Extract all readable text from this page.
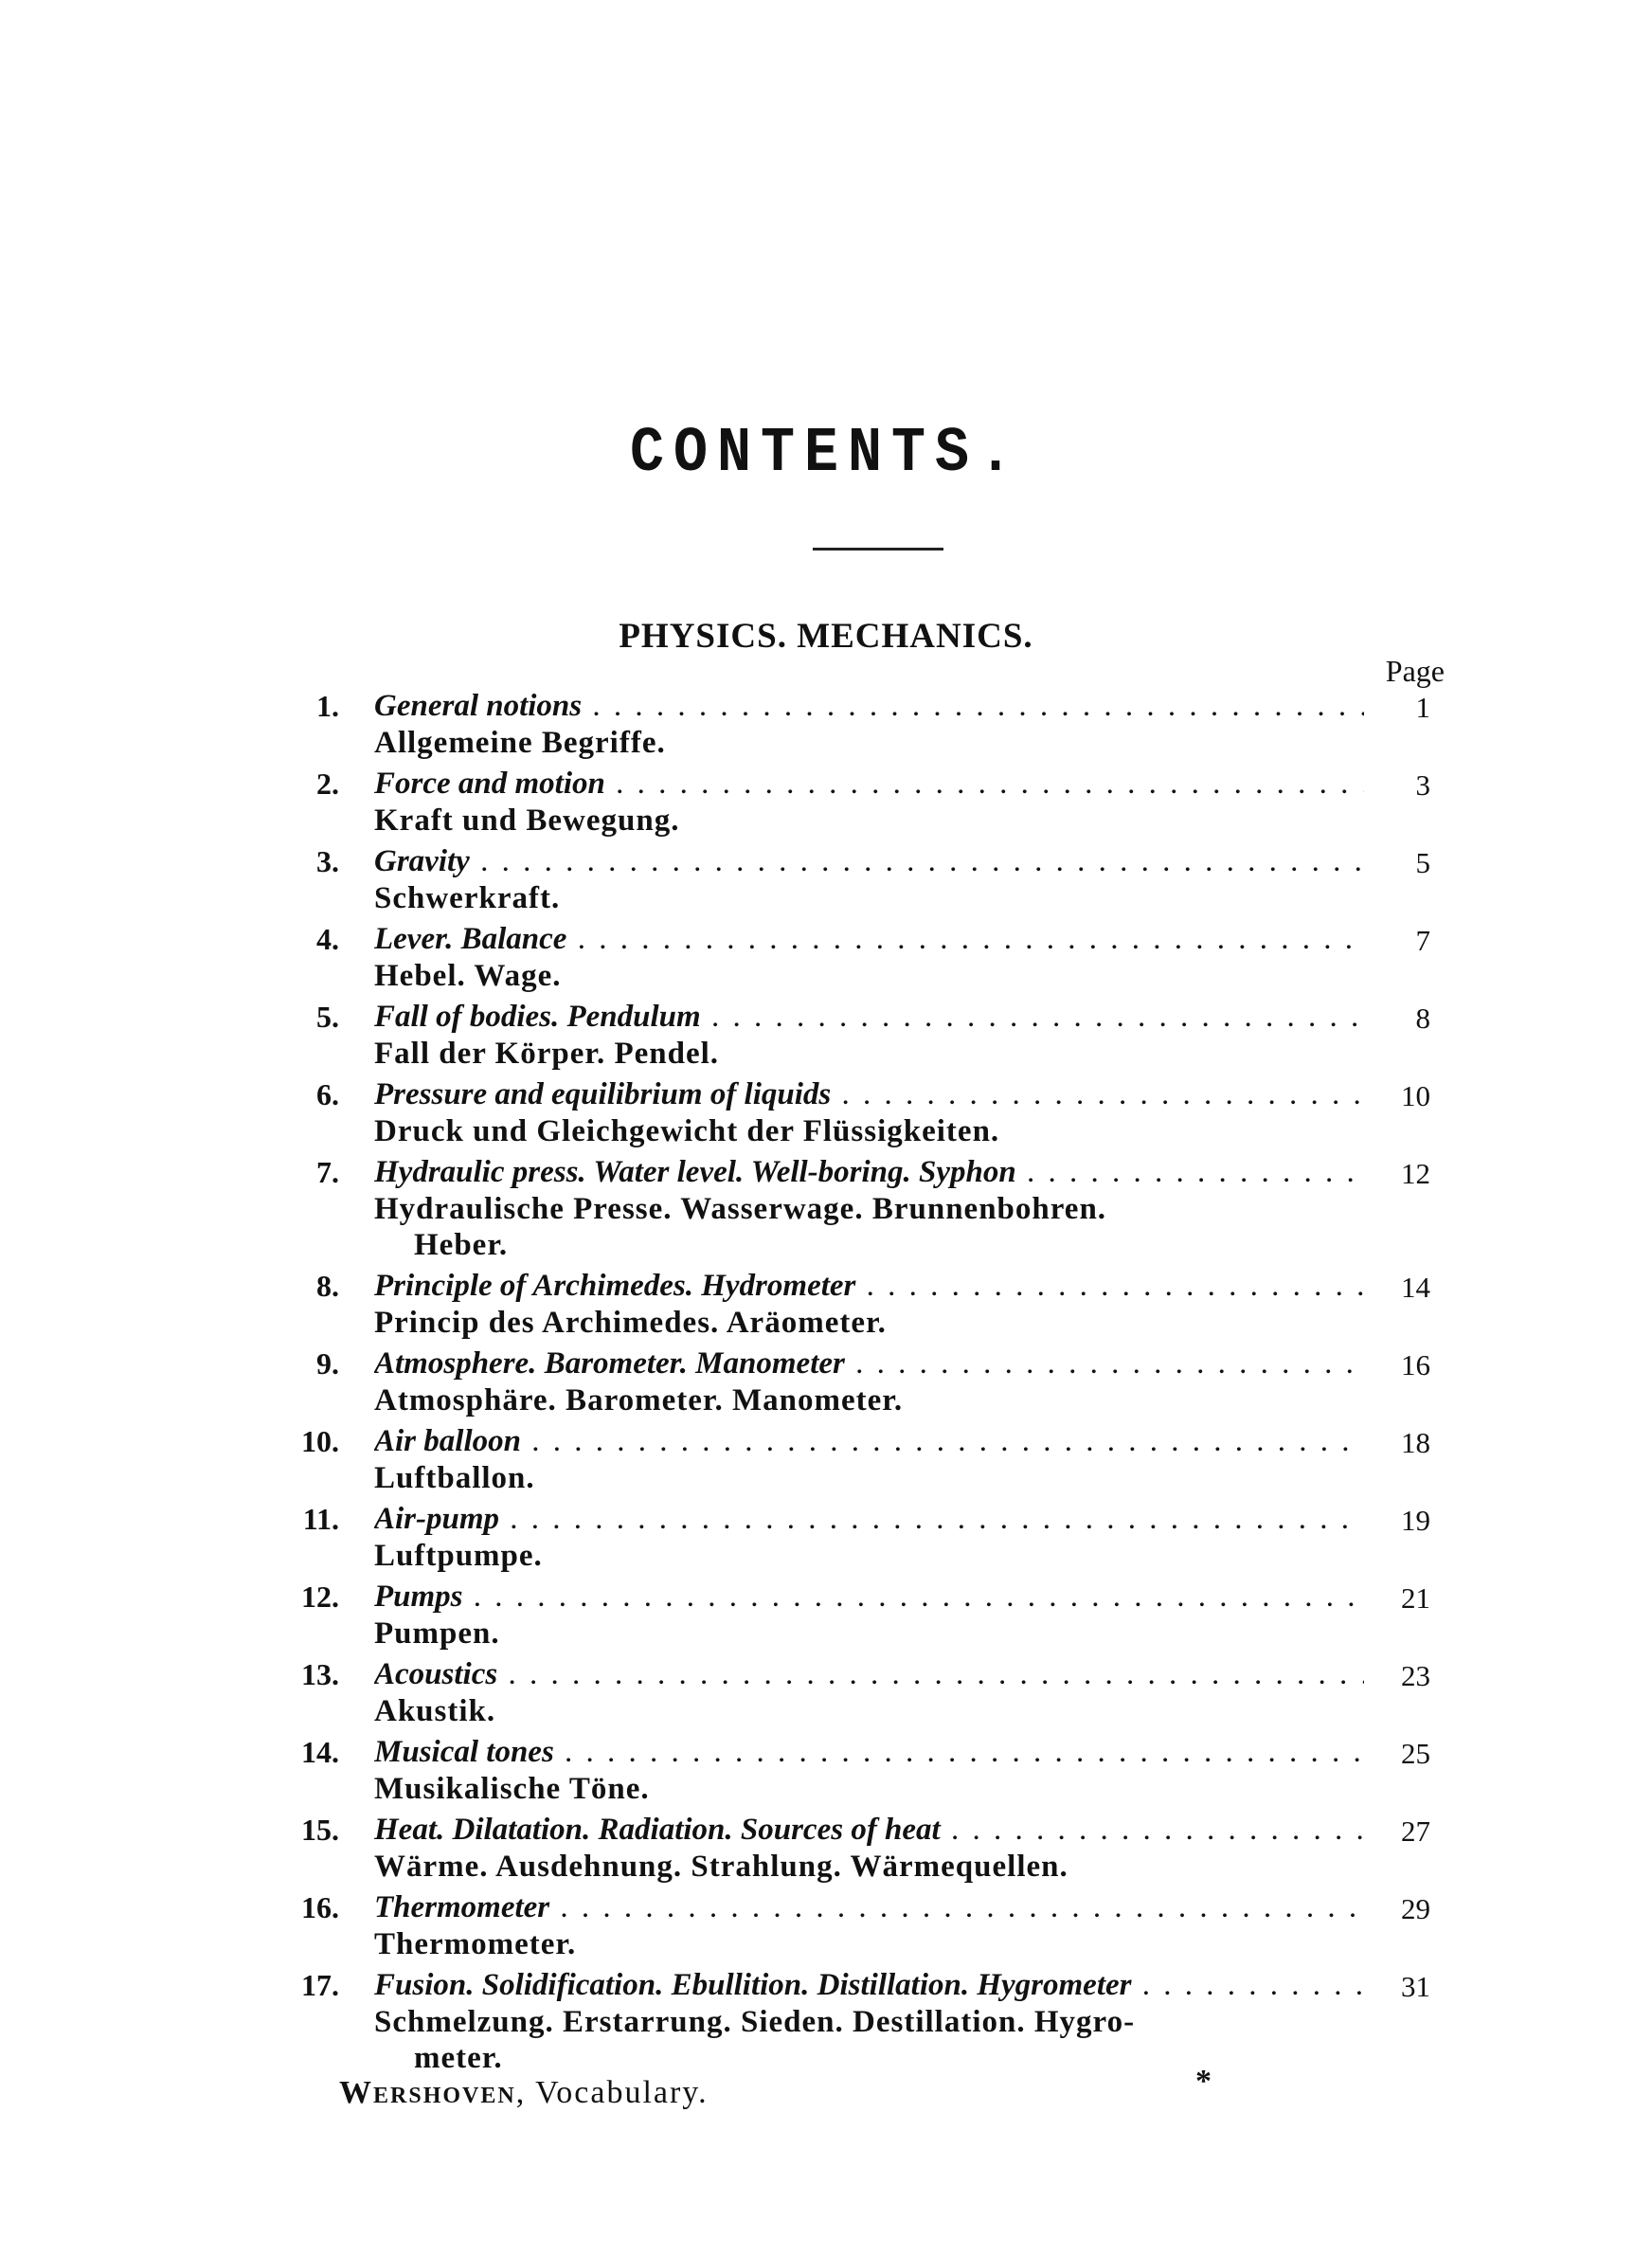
CONTENTS.
PHYSICS. MECHANICS.
Page
1. General notions . . .	1
Allgemeine Begriffe.
2. Force and motion . . .	3
Kraft und Bewegung.
3. Gravity . . .	5
Schwerkraft.
4. Lever. Balance . . .	7
Hebel. Wage.
5. Fall of bodies. Pendulum . . .	8
Fall der Körper. Pendel.
6. Pressure and equilibrium of liquids . . .	10
Druck und Gleichgewicht der Flüssigkeiten.
7. Hydraulic press. Water level. Well-boring. Syphon . . .	12
Hydraulische Presse. Wasserwage. Brunnenbohren.
Heber.
8. Principle of Archimedes. Hydrometer . . .	14
Princip des Archimedes. Aräometer.
9. Atmosphere. Barometer. Manometer . . .	16
Atmosphäre. Barometer. Manometer.
10. Air balloon . . .	18
Luftballon.
11. Air-pump . . .	19
Luftpumpe.
12. Pumps . . .	21
Pumpen.
13. Acoustics . . .	23
Akustik.
14. Musical tones . . .	25
Musikalische Töne.
15. Heat. Dilatation. Radiation. Sources of heat . . .	27
Wärme. Ausdehnung. Strahlung. Wärmequellen.
16. Thermometer . . .	29
Thermometer.
17. Fusion. Solidification. Ebullition. Distillation. Hygrometer . . .	31
Schmelzung. Erstarrung. Sieden. Destillation. Hygro-
meter.
Wershoven, Vocabulary.	*
